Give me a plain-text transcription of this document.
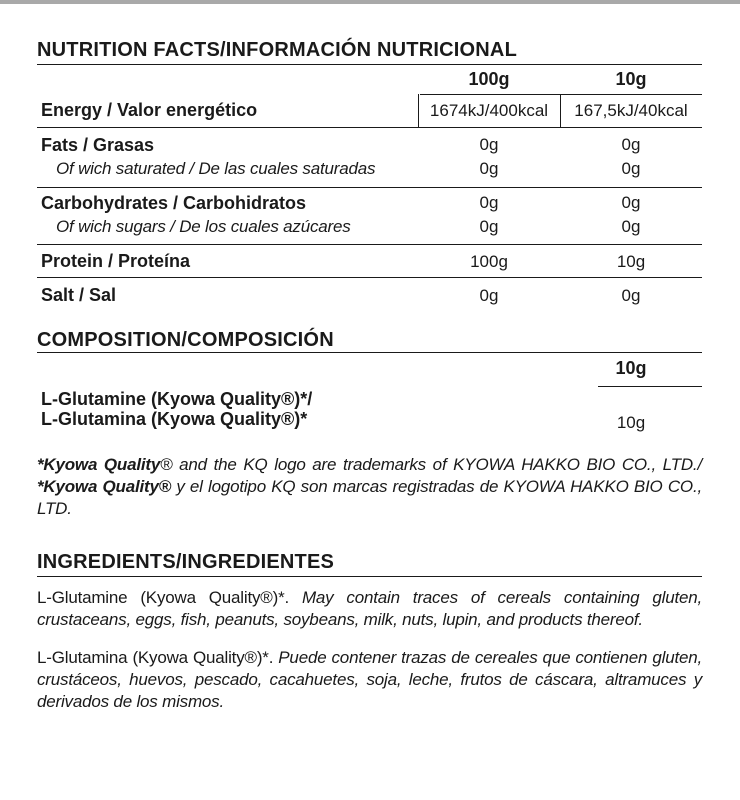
NUTRITION FACTS/INFORMACIÓN NUTRICIONAL
100g	10g
Energy / Valor energético	1674kJ/400kcal	167,5kJ/40kcal
Fats / Grasas	0g	0g
Of wich saturated / De las cuales saturadas	0g	0g
Carbohydrates / Carbohidratos	0g	0g
Of wich sugars / De los cuales azúcares	0g	0g
Protein / Proteína	100g	10g
Salt / Sal	0g	0g
COMPOSITION/COMPOSICIÓN
10g
L-Glutamine (Kyowa Quality®)*/
L-Glutamina (Kyowa Quality®)*	10g
*Kyowa Quality® and the KQ logo are trademarks of KYOWA HAKKO BIO CO., LTD./ *Kyowa Quality® y el logotipo KQ son marcas registradas de KYOWA HAKKO BIO CO., LTD.
INGREDIENTS/INGREDIENTES
L-Glutamine (Kyowa Quality®)*. May contain traces of cereals containing gluten, crustaceans, eggs, fish, peanuts, soybeans, milk, nuts, lupin, and products thereof.
L-Glutamina (Kyowa Quality®)*. Puede contener trazas de cereales que contienen gluten, crustáceos, huevos, pescado, cacahuetes, soja, leche, frutos de cáscara, altramuces y derivados de los mismos.
